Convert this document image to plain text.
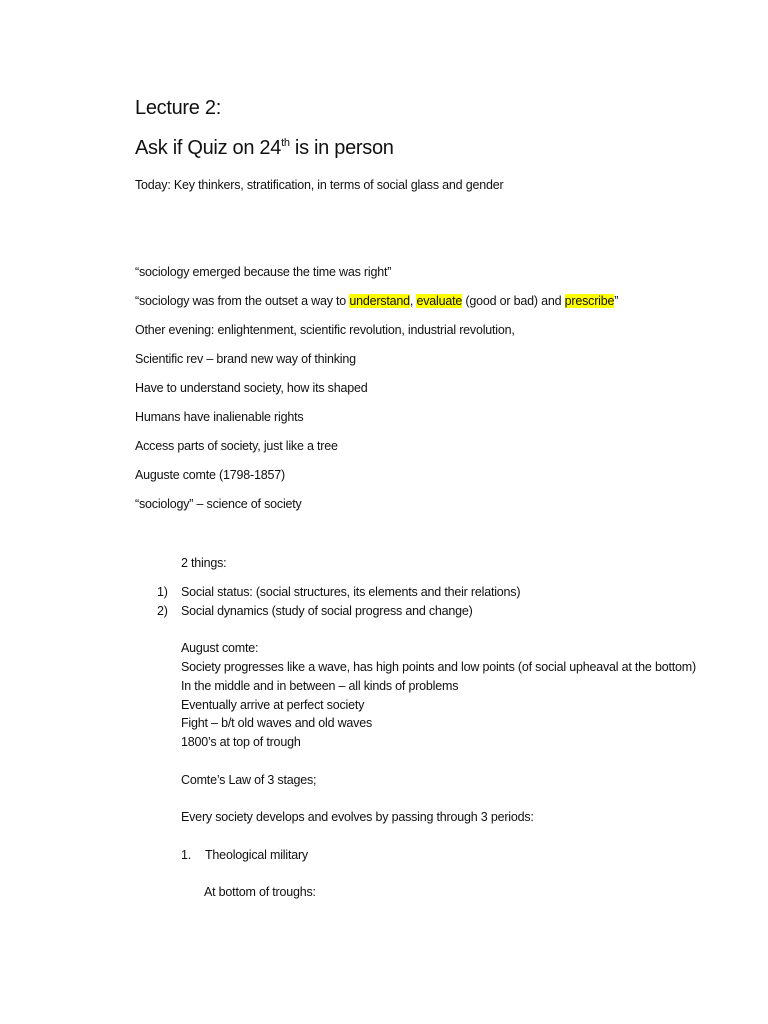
Lecture 2:
Ask if Quiz on 24th is in person
Today: Key thinkers, stratification, in terms of social glass and gender
“sociology emerged because the time was right”
“sociology was from the outset a way to understand, evaluate (good or bad) and prescribe”
Other evening: enlightenment, scientific revolution, industrial revolution,
Scientific rev – brand new way of thinking
Have to understand society, how its shaped
Humans have inalienable rights
Access parts of society, just like a tree
Auguste comte (1798-1857)
“sociology” – science of society
2 things:
1) Social status: (social structures, its elements and their relations)
2) Social dynamics (study of social progress and change)
August comte:
Society progresses like a wave, has high points and low points (of social upheaval at the bottom)
In the middle and in between – all kinds of problems
Eventually arrive at perfect society
Fight – b/t old waves and old waves
1800’s at top of trough
Comte’s Law of 3 stages;
Every society develops and evolves by passing through 3 periods:
1. Theological military
At bottom of troughs:
